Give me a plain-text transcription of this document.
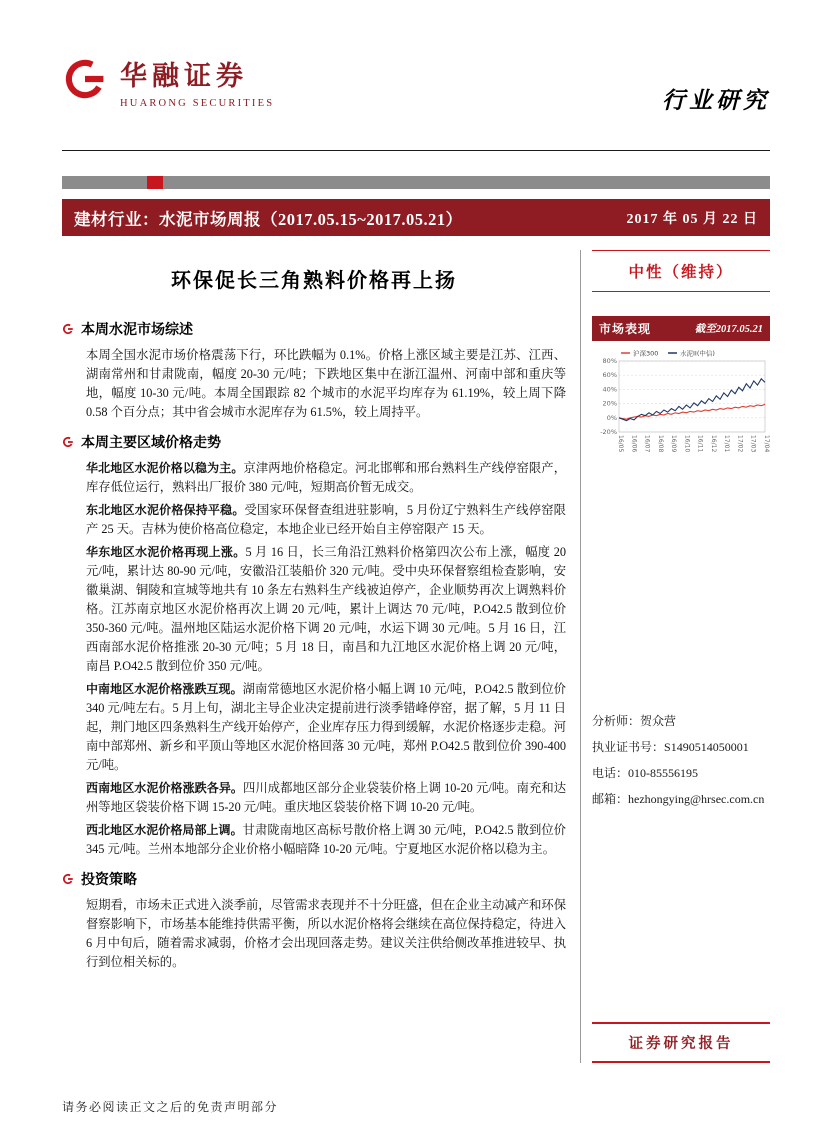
华融证券
HUARONG SECURITIES	行业研究
建材行业：水泥市场周报（2017.05.15~2017.05.21）	2017 年 05 月 22 日
环保促长三角熟料价格再上扬
本周水泥市场综述

本周全国水泥市场价格震荡下行，环比跌幅为 0.1%。价格上涨区域主要是江苏、江西、湖南常州和甘肃陇南，幅度 20-30 元/吨；下跌地区集中在浙江温州、河南中部和重庆等地，幅度 10-30 元/吨。本周全国跟踪 82 个城市的水泥平均库存为 61.19%，较上周下降 0.58 个百分点；其中省会城市水泥库存为 61.5%，较上周持平。

本周主要区域价格走势

华北地区水泥价格以稳为主。京津两地价格稳定。河北邯郸和邢台熟料生产线停窑限产，库存低位运行，熟料出厂报价 380 元/吨，短期高价暂无成交。

东北地区水泥价格保持平稳。受国家环保督查组进驻影响，5 月份辽宁熟料生产线停窑限产 25 天。吉林为使价格高位稳定，本地企业已经开始自主停窑限产 15 天。

华东地区水泥价格再现上涨。5 月 16 日，长三角沿江熟料价格第四次公布上涨，幅度 20 元/吨，累计达 80-90 元/吨，安徽沿江装船价 320 元/吨。受中央环保督察组检查影响，安徽巢湖、铜陵和宣城等地共有 10 条左右熟料生产线被迫停产，企业顺势再次上调熟料价格。江苏南京地区水泥价格再次上调 20 元/吨，累计上调达 70 元/吨，P.O42.5 散到位价 350-360 元/吨。温州地区陆运水泥价格下调 20 元/吨，水运下调 30 元/吨。5 月 16 日，江西南部水泥价格推涨 20-30 元/吨；5 月 18 日，南昌和九江地区水泥价格上调 20 元/吨，南昌 P.O42.5 散到位价 350 元/吨。

中南地区水泥价格涨跌互现。湖南常德地区水泥价格小幅上调 10 元/吨，P.O42.5 散到位价 340 元/吨左右。5 月上旬，湖北主导企业决定提前进行淡季错峰停窑，据了解，5 月 11 日起，荆门地区四条熟料生产线开始停产，企业库存压力得到缓解，水泥价格逐步走稳。河南中部郑州、新乡和平顶山等地区水泥价格回落 30 元/吨，郑州 P.O42.5 散到位价 390-400 元/吨。

西南地区水泥价格涨跌各异。四川成都地区部分企业袋装价格上调 10-20 元/吨。南充和达州等地区袋装价格下调 15-20 元/吨。重庆地区袋装价格下调 10-20 元/吨。

西北地区水泥价格局部上调。甘肃陇南地区高标号散价格上调 30 元/吨，P.O42.5 散到位价 345 元/吨。兰州本地部分企业价格小幅暗降 10-20 元/吨。宁夏地区水泥价格以稳为主。

投资策略

短期看，市场未正式进入淡季前，尽管需求表现并不十分旺盛，但在企业主动减产和环保督察影响下，市场基本能维持供需平衡，所以水泥价格将会继续在高位保持稳定，待进入 6 月中旬后，随着需求减弱，价格才会出现回落走势。建议关注供给侧改革推进较早、执行到位相关标的。

中性（维持）
市场表现	截至2017.05.21
-20%
0%
20%
40%
60%
80%
16/05 16/06 16/07 16/08 16/09 16/10 16/11 16/12 17/01 17/02 17/03 17/04
沪深300	水泥II(中信)
分析师：贺众营
执业证书号：S1490514050001
电话：010-85556195
邮箱：hezhongying@hrsec.com.cn
证券研究报告
请务必阅读正文之后的免责声明部分
